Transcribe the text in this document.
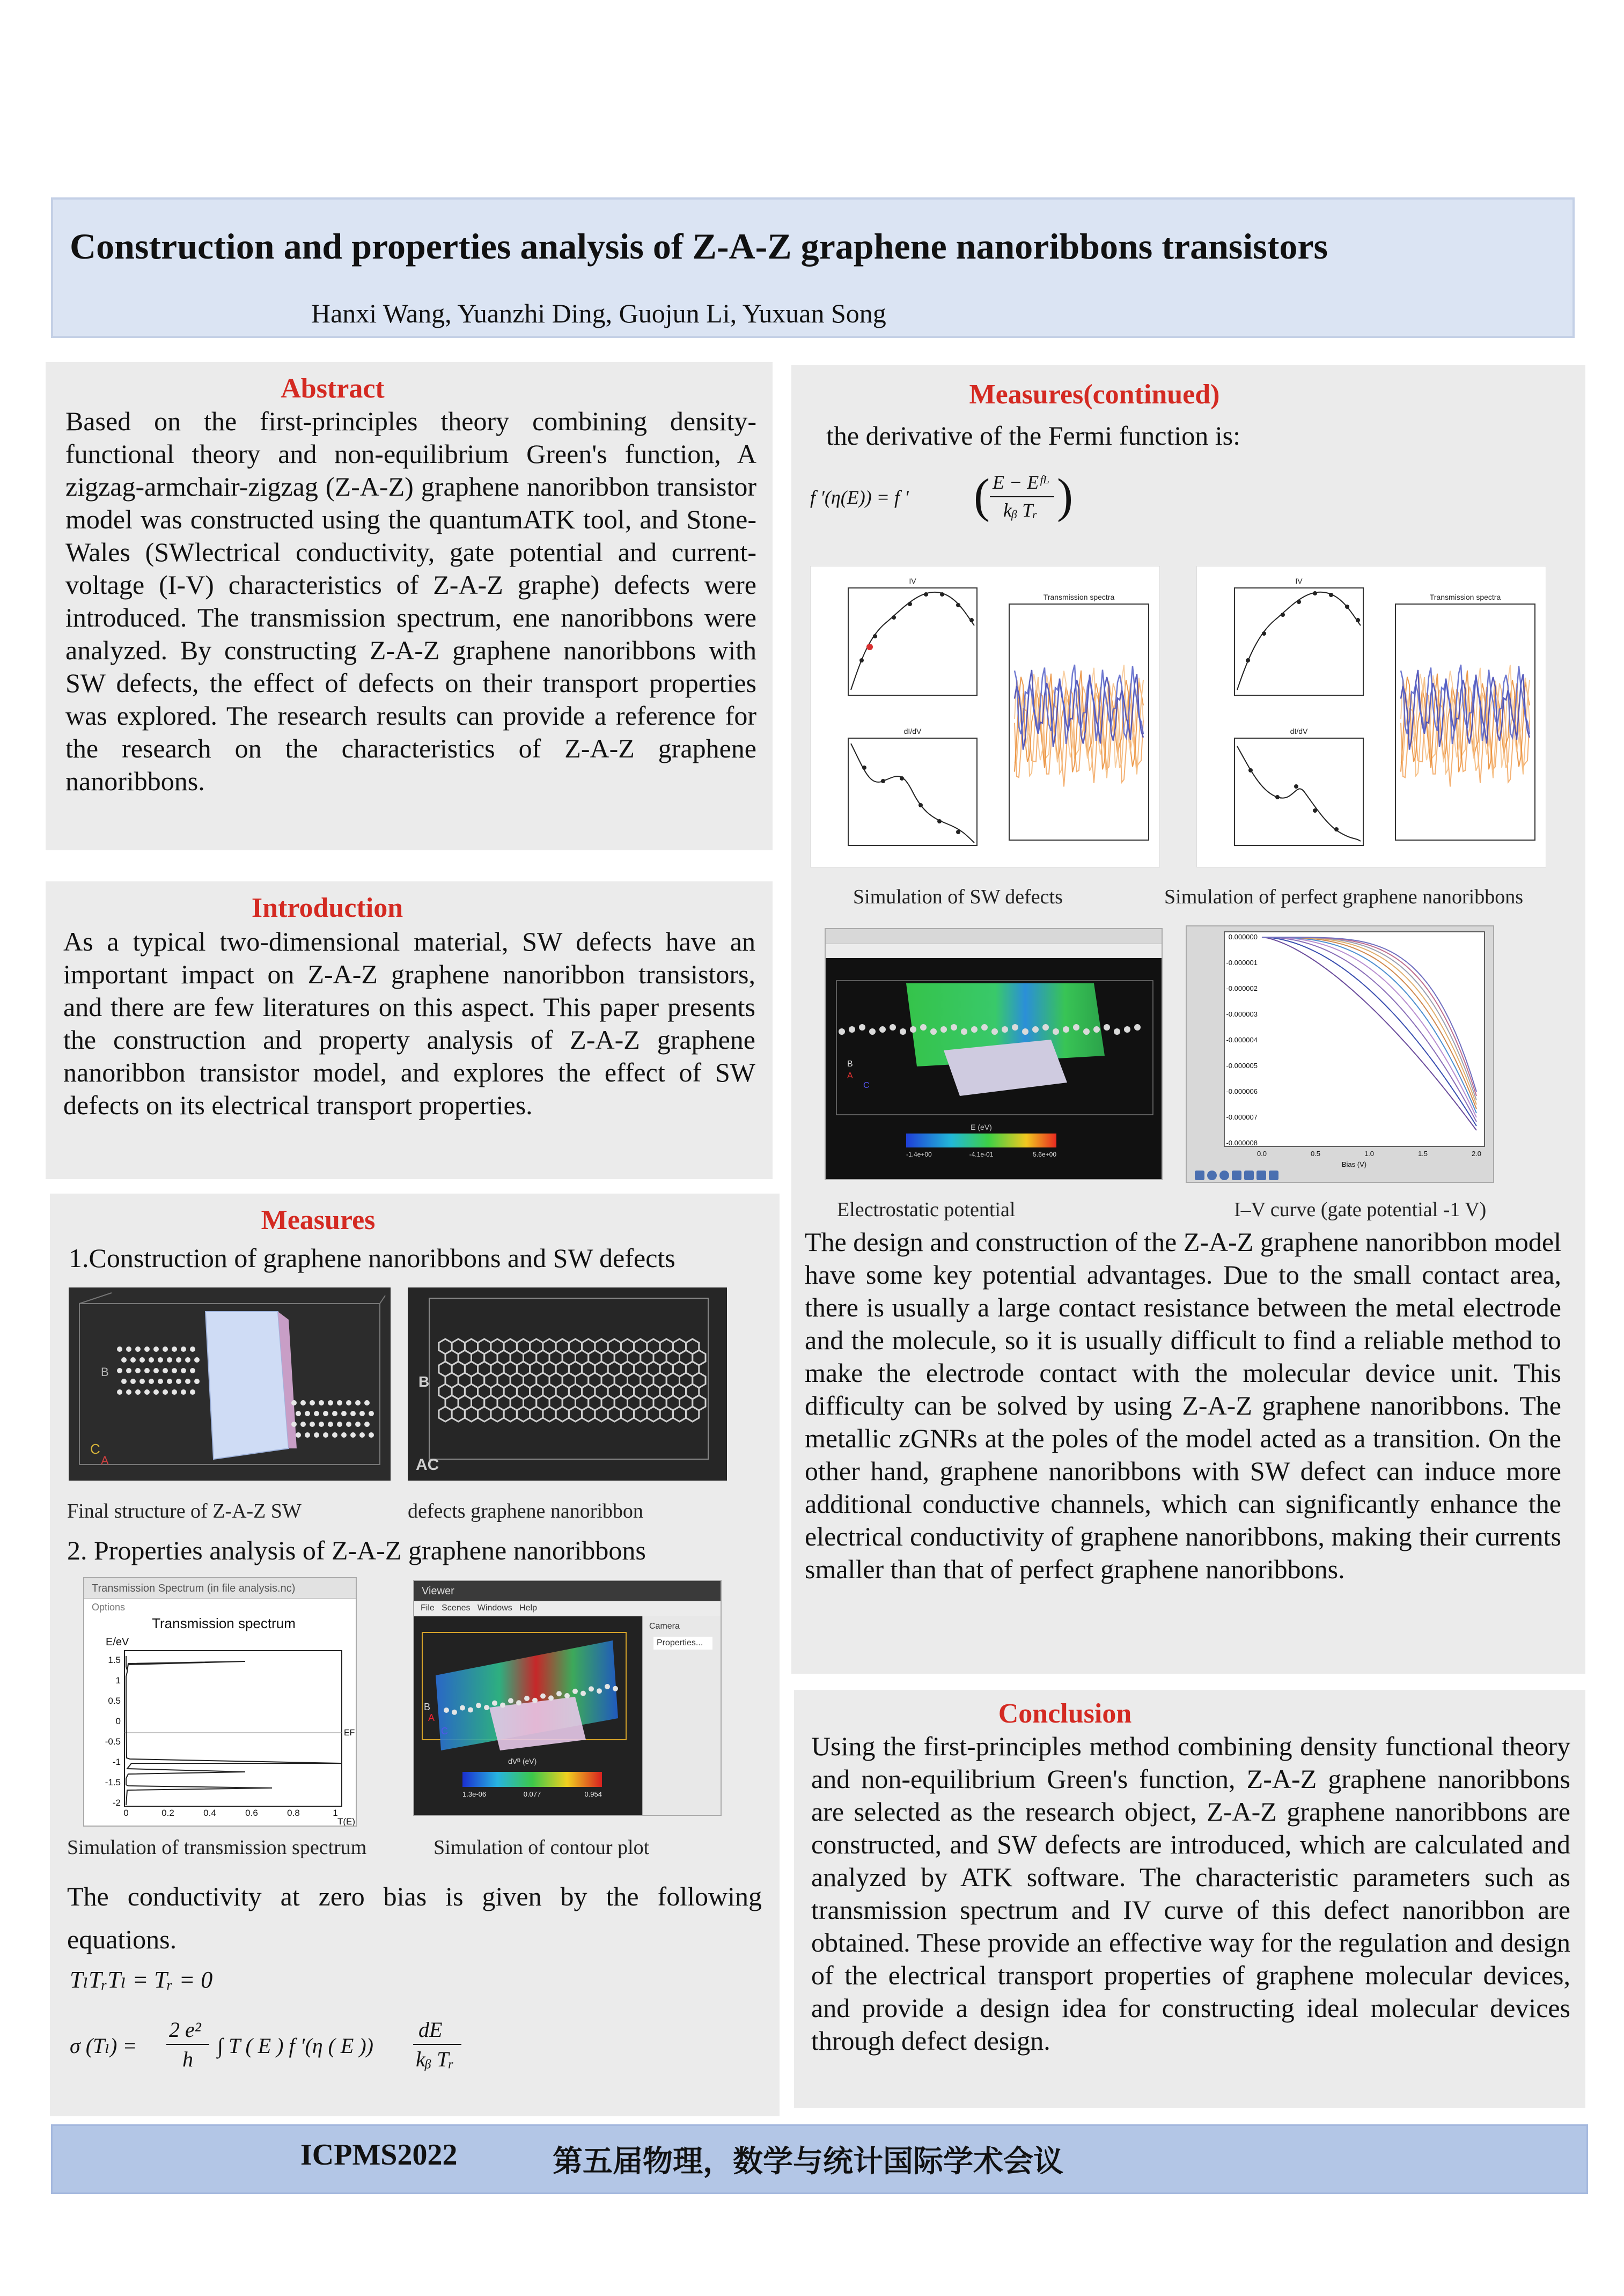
Construction and properties analysis of Z-A-Z graphene nanoribbons transistors
Hanxi Wang, Yuanzhi Ding, Guojun Li, Yuxuan Song
Abstract
Based on the first-principles theory combining density-functional theory and non-equilibrium Green's function, A zigzag-armchair-zigzag (Z-A-Z) graphene nanoribbon transistor model was constructed using the quantumATK tool, and Stone-Wales (SWlectrical conductivity, gate potential and current-voltage (I-V) characteristics of Z-A-Z graphe) defects were introduced. The transmission spectrum, ene nanoribbons were analyzed. By constructing Z-A-Z graphene nanoribbons with SW defects, the effect of defects on their transport properties was explored. The research results can provide a reference for the research on the characteristics of Z-A-Z graphene nanoribbons.
Introduction
As a typical two-dimensional material, SW defects have an important impact on Z-A-Z graphene nanoribbon transistors, and there are few literatures on this aspect. This paper presents the construction and property analysis of Z-A-Z graphene nanoribbon transistor model, and explores the effect of SW defects on its electrical transport properties.
Measures
1.Construction of graphene nanoribbons and SW defects
C
A
B
AC
B
Final structure of Z-A-Z SW	defects graphene nanoribbon
2. Properties analysis of Z-A-Z graphene nanoribbons
Transmission Spectrum (in file analysis.nc)
Options
Transmission spectrum
E/eV
1.5
1
0.5
0
-0.5
-1
-1.5
-2
0	0.2	0.4	0.6	0.8	1
EF
T(E)
Viewer
File   Scenes   Windows   Help
Camera
Properties...
B
A
C
dVᴮ (eV)
1.3e-06	0.077	0.954
Simulation of transmission spectrum	Simulation of contour plot
The conductivity at zero bias is given by the following equations.
TₗTᵣTₗ = Tᵣ = 0
σ (Tₗ) =
2 e²
h
∫ T ( E ) f ′(η ( E ))
dE
kᵦ Tᵣ
Measures(continued)
the derivative of the Fermi function is:
f ′(η(E)) = f ′ ( E − Eᶠᴸ
kᵦ Tᵣ )
IV
dI/dV
Transmission spectra
IV
dI/dV
Transmission spectra
Simulation of SW defects	Simulation of perfect graphene nanoribbons
B
A
C
E (eV)
-1.4e+00	-4.1e-01	5.6e+00
0.000000
-0.000001
-0.000002
-0.000003
-0.000004
-0.000005
-0.000006
-0.000007
-0.000008
0.0	0.5	1.0	1.5	2.0
Bias (V)
Electrostatic potential	I–V curve (gate potential -1 V)
The design and construction of the Z-A-Z graphene nanoribbon model have some key potential advantages. Due to the small contact area, there is usually a large contact resistance between the metal electrode and the molecule, so it is usually difficult to find a reliable method to make the electrode contact with the molecular device unit. This difficulty can be solved by using Z-A-Z graphene nanoribbons. The metallic zGNRs at the poles of the model acted as a transition. On the other hand, graphene nanoribbons with SW defect can induce more additional conductive channels, which can significantly enhance the electrical conductivity of graphene nanoribbons, making their currents smaller than that of perfect graphene nanoribbons.
Conclusion
Using the first-principles method combining density functional theory and non-equilibrium Green's function, Z-A-Z graphene nanoribbons are selected as the research object, Z-A-Z graphene nanoribbons are constructed, and SW defects are introduced, which are calculated and analyzed by ATK software. The characteristic parameters such as transmission spectrum and IV curve of this defect nanoribbon are obtained. These provide an effective way for the regulation and design of the electrical transport properties of graphene molecular devices, and provide a design idea for constructing ideal molecular devices through defect design.
ICPMS2022	第五届物理，数学与统计国际学术会议
